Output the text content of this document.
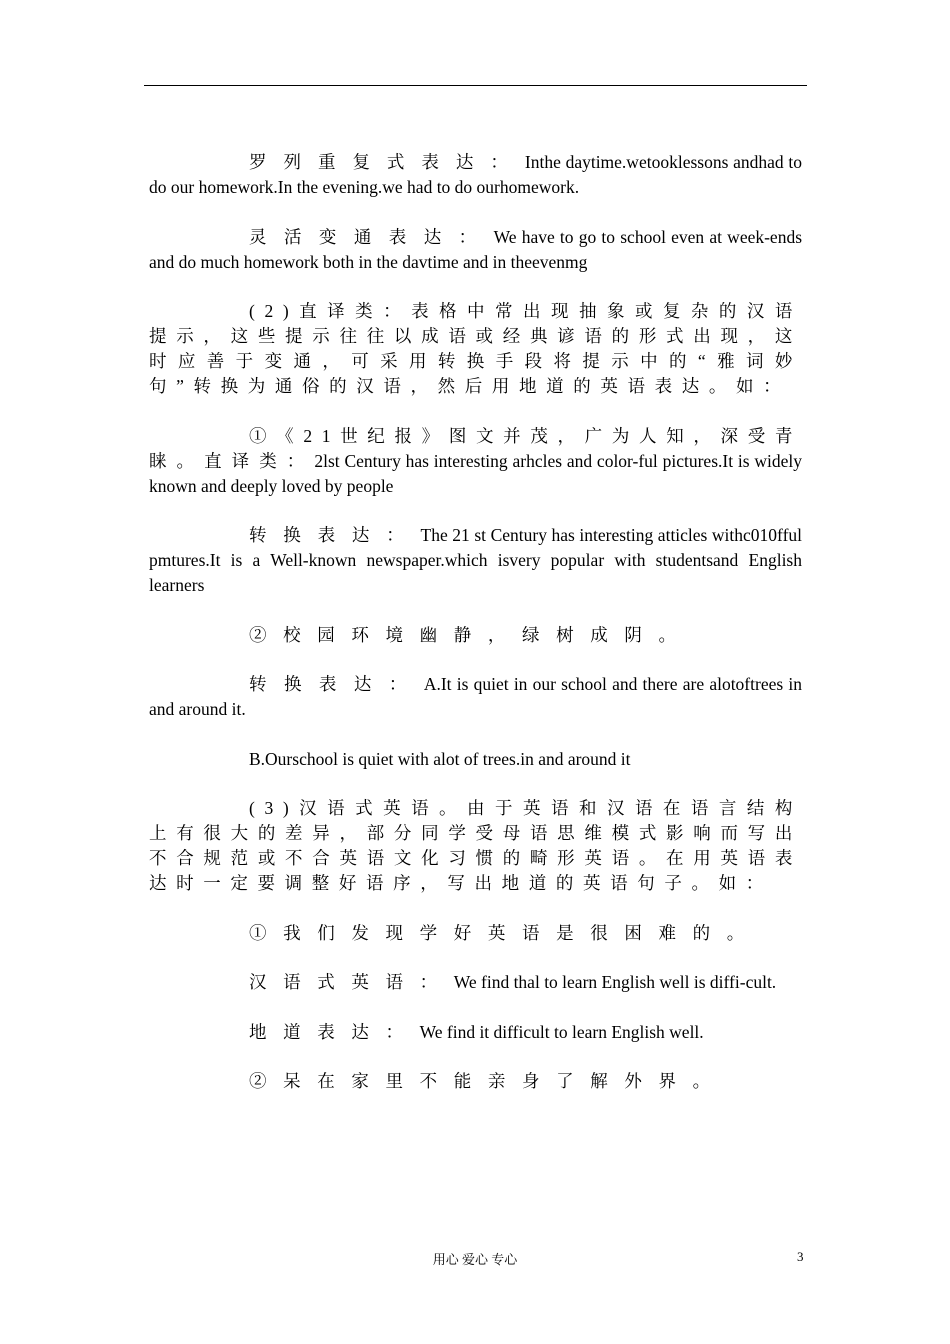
罗列重复式表达：Inthe daytime.wetooklessons andhad to do our homework.In the evening.we had to do ourhomework.

灵活变通表达：We have to go to school even at week-ends and do much homework both in the davtime and in theevenmg

(2)直译类：表格中常出现抽象或复杂的汉语提示，这些提示往往以成语或经典谚语的形式出现，这时应善于变通，可采用转换手段将提示中的“雅词妙句”转换为通俗的汉语，然后用地道的英语表达。如：

①《21世纪报》图文并茂，广为人知，深受青睐。直译类：2lst Century has interesting arhcles and color-ful pictures.It is widely known and deeply loved by people

转换表达：The 21 st Century has interesting atticles withc010fful pmtures.It is a Well-known newspaper.which isvery popular with studentsand English learners

②校园环境幽静，绿树成阴。

转换表达：A.It is quiet in our school and there are alotoftrees in and around it.

B.Ourschool is quiet with alot of trees.in and around it

(3)汉语式英语。由于英语和汉语在语言结构上有很大的差异，部分同学受母语思维模式影响而写出不合规范或不合英语文化习惯的畸形英语。在用英语表达时一定要调整好语序，写出地道的英语句子。如：

①我们发现学好英语是很困难的。

汉语式英语：We find thal to learn English well is diffi-cult.

地道表达：We find it difficult to learn English well.

②呆在家里不能亲身了解外界。

用心 爱心 专心	3
